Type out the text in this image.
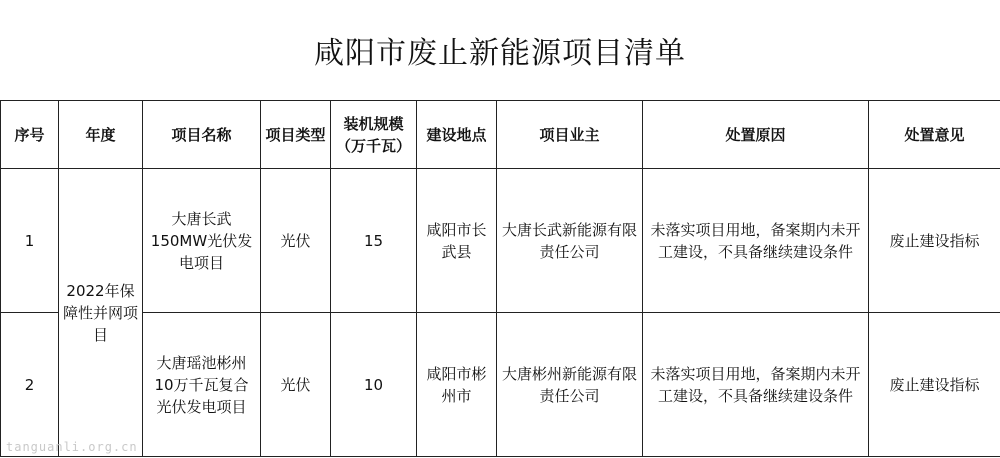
咸阳市废止新能源项目清单
序号	年度	项目名称	项目类型	装机规模（万千瓦）	建设地点	项目业主	处置原因	处置意见
1	2022年保障性并网项目	大唐长武150MW光伏发电项目	光伏	15	咸阳市长武县	大唐长武新能源有限责任公司	未落实项目用地，备案期内未开工建设，不具备继续建设条件	废止建设指标
2		大唐瑶池彬州10万千瓦复合光伏发电项目	光伏	10	咸阳市彬州市	大唐彬州新能源有限责任公司	未落实项目用地，备案期内未开工建设，不具备继续建设条件	废止建设指标
tanguanli.org.cn
